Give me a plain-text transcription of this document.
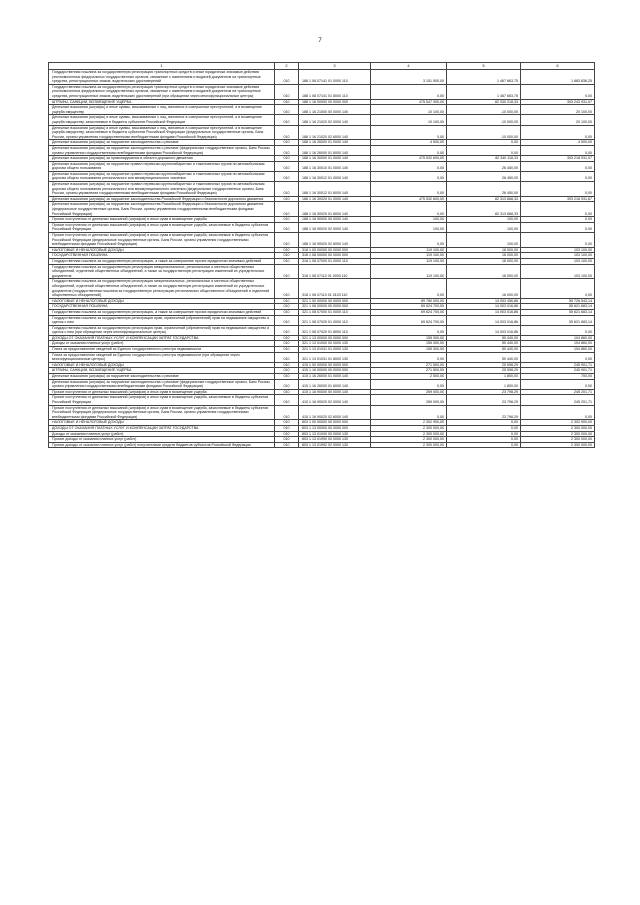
7
1	2	3	4	5	6
Государственная пошлина за государственную регистрацию транспортных средств и иные юридически значимые действия уполномоченных федеральных государственных органов, связанные с изменением и выдачей документов на транспортные средства, регистрационных знаков, водительских удостоверений	010	188 1 08 07141 01 0000 110	3 151 500,00	1 467 663,75	1 683 836,25
Государственная пошлина за государственную регистрацию транспортных средств и иные юридически значимые действия уполномоченных федеральных государственных органов, связанные с изменением и выдачей документов на транспортные средства, регистрационных знаков, водительских удостоверений (при обращении через многофункциональные центры)	010	188 1 08 07141 01 8000 110	0,00	1 467 663,75	0,00
ШТРАФЫ, САНКЦИИ, ВОЗМЕЩЕНИЕ УЩЕРБА	010	188 1 16 00000 00 0000 000	475 547 300,00	82 330 218,33	393 243 931,07
Денежные взыскания (штрафы) и иные суммы, взыскиваемые с лиц, виновных в совершении преступлений, и в возмещение ущерба имуществу	010	188 1 16 21000 00 0000 140	10 100,00	-10 000,00	20 100,00
Денежные взыскания (штрафы) и иные суммы, взыскиваемые с лиц, виновных в совершении преступлений, и в возмещение ущерба имуществу, зачисляемые в бюджеты субъектов Российской Федерации	010	188 1 16 21020 02 0000 140	10 100,00	-10 000,00	20 100,00
Денежные взыскания (штрафы) и иные суммы, взыскиваемые с лиц, виновных в совершении преступлений, и в возмещение ущерба имуществу, зачисляемые в бюджеты субъектов Российской Федерации (федеральные государственные органы, Банк России, органы управления государственными внебюджетными фондами Российской Федерации)	010	188 1 16 21020 02 6000 140	0,00	-10 000,00	0,00
Денежные взыскания (штрафы) за нарушение законодательства о рекламе	010	188 1 16 26000 01 0000 140	4 500,00	0,00	4 500,00
Денежные взыскания (штрафы) за нарушение законодательства о рекламе (федеральные государственные органы, Банк России, органы управления государственными внебюджетными фондами Российской Федерации)	010	188 1 16 26000 01 6000 140	0,00	0,00	0,00
Денежные взыскания (штрафы) за правонарушения в области дорожного движения	010	188 1 16 30000 01 0000 140	475 532 600,00	82 340 118,33	393 218 931,07
Денежные взыскания (штрафы) за нарушение правил перевозки крупногабаритных и тяжеловесных грузов по автомобильным дорогам общего пользования	010	188 1 16 30010 01 0000 140	0,00	26 450,00	0,00
Денежные взыскания (штрафы) за нарушение правил перевозки крупногабаритных и тяжеловесных грузов по автомобильным дорогам общего пользования регионального или межмуниципального значения	010	188 1 16 30012 01 0000 140	0,00	26 450,00	0,00
Денежные взыскания (штрафы) за нарушение правил перевозки крупногабаритных и тяжеловесных грузов по автомобильным дорогам общего пользования регионального или межмуниципального значения (федеральные государственные органы, Банк России, органы управления государственными внебюджетными фондами Российской Федерации)	010	188 1 16 30012 01 6000 140	0,00	26 450,00	0,00
Денежные взыскания (штрафы) за нарушение законодательства Российской Федерации о безопасности дорожного движения	010	188 1 16 30020 01 0000 140	475 532 600,00	82 313 668,33	393 218 931,67
Денежные взыскания (штрафы) за нарушение законодательства Российской Федерации о безопасности дорожного движения (федеральные государственные органы, Банк России, органы управления государственными внебюджетными фондами Российской Федерации)	010	188 1 16 30020 01 6000 140	0,00	82 313 668,33	0,00
Прочие поступления от денежных взысканий (штрафов) и иных сумм в возмещение ущерба	010	188 1 16 90000 00 0000 140	100,00	100,00	0,00
Прочие поступления от денежных взысканий (штрафов) и иных сумм в возмещение ущерба, зачисляемые в бюджеты субъектов Российской Федерации	010	188 1 16 90020 02 0000 140	100,00	100,00	0,00
Прочие поступления от денежных взысканий (штрафов) и иных сумм в возмещение ущерба, зачисляемые в бюджеты субъектов Российской Федерации (федеральные государственные органы, Банк России, органы управления государственными внебюджетными фондами Российской Федерации)	010	188 1 16 90020 02 6000 140	0,00	100,00	0,00
НАЛОГОВЫЕ И НЕНАЛОГОВЫЕ ДОХОДЫ	010	318 1 00 00000 00 0000 000	119 100,00	16 000,00	103 100,00
ГОСУДАРСТВЕННАЯ ПОШЛИНА	010	318 1 08 00000 00 0000 000	119 100,00	16 000,00	103 100,00
Государственная пошлина за государственную регистрацию, а также за совершение прочих юридически значимых действий	010	318 1 08 07000 01 0000 110	119 100,00	16 000,00	103 100,00
Государственная пошлина за государственную регистрацию межрегиональных, региональных и местных общественных объединений, отделений общественных объединений, а также за государственную регистрацию изменений их учредительных документов	010	318 1 08 07110 01 0000 110	119 100,00	16 000,00	103 100,00
Государственная пошлина за государственную регистрацию межрегиональных, региональных и местных общественных объединений, отделений общественных объединений, а также за государственную регистрацию изменений их учредительных документов (государственная пошлина за государственную регистрацию региональных общественных объединений и отделений общественных объединений)	010	318 1 08 07110 01 0103 110	0,00	16 000,00	0,00
НАЛОГОВЫЕ И НЕНАЛОГОВЫЕ ДОХОДЫ	010	321 1 00 00000 00 0000 000	89 780 000,00	14 053 456,86	55 726 543,14
ГОСУДАРСТВЕННАЯ ПОШЛИНА	010	321 1 08 00000 00 0000 000	69 624 700,00	14 003 016,86	55 621 683,14
Государственная пошлина за государственную регистрацию, а также за совершение прочих юридически значимых действий	010	321 1 08 07000 01 0000 110	69 624 700,00	14 003 016,86	55 621 683,14
Государственная пошлина за государственную регистрацию прав, ограничений (обременений) прав на недвижимое имущество и сделок с ним	010	321 1 08 07020 01 0000 110	69 624 700,00	14 003 016,86	55 621 683,14
Государственная пошлина за государственную регистрацию прав, ограничений (обременений) прав на недвижимое имущество и сделок с ним (при обращении через многофункциональные центры)	010	321 1 08 07020 01 8000 110	0,00	14 003 016,86	0,00
ДОХОДЫ ОТ ОКАЗАНИЯ ПЛАТНЫХ УСЛУГ И КОМПЕНСАЦИИ ЗАТРАТ ГОСУДАРСТВА	010	321 1 13 00000 00 0000 000	155 300,00	50 440,00	104 860,00
Доходы от оказания платных услуг (работ)	010	321 1 13 01000 00 0000 130	155 300,00	50 440,00	104 860,00
Плата за предоставление сведений из Единого государственного реестра недвижимости	010	321 1 13 01031 01 0000 130	155 300,00	50 440,00	104 860,00
Плата за предоставление сведений из Единого государственного реестра недвижимости (при обращении через многофункциональные центры)	010	321 1 13 01031 01 8000 130	0,00	50 440,00	0,00
НАЛОГОВЫЕ И НЕНАЛОГОВЫЕ ДОХОДЫ	010	415 1 00 00000 00 0000 000	271 500,00	25 598,29	245 901,71
ШТРАФЫ, САНКЦИИ, ВОЗМЕЩЕНИЕ УЩЕРБА	010	415 1 16 00000 00 0000 000	271 500,00	25 598,29	245 901,71
Денежные взыскания (штрафы) за нарушение законодательства о рекламе	010	415 1 16 26000 01 0000 140	2 500,00	1 800,00	700,00
Денежные взыскания (штрафы) за нарушение законодательства о рекламе (федеральные государственные органы, Банк России, органы управления государственными внебюджетными фондами Российской Федерации)	010	415 1 16 26000 01 6000 140	0,00	1 800,00	0,00
Прочие поступления от денежных взысканий (штрафов) и иных сумм в возмещение ущерба	010	415 1 16 90000 00 0000 140	269 000,00	23 798,29	245 201,71
Прочие поступления от денежных взысканий (штрафов) и иных сумм в возмещение ущерба, зачисляемые в бюджеты субъектов Российской Федерации	010	415 1 16 90020 02 0000 140	269 000,00	23 798,29	245 201,71
Прочие поступления от денежных взысканий (штрафов) и иных сумм в возмещение ущерба, зачисляемые в бюджеты субъектов Российской Федерации (федеральные государственные органы, Банк России, органы управления государственными внебюджетными фондами Российской Федерации)	010	415 1 16 90020 02 6000 140	0,00	23 798,29	0,00
НАЛОГОВЫЕ И НЕНАЛОГОВЫЕ ДОХОДЫ	010	803 1 00 00000 00 0000 000	2 302 900,00	0,00	2 302 900,00
ДОХОДЫ ОТ ОКАЗАНИЯ ПЛАТНЫХ УСЛУГ И КОМПЕНСАЦИИ ЗАТРАТ ГОСУДАРСТВА	010	803 1 13 00000 00 0000 000	2 300 000,00	0,00	2 300 000,00
Доходы от оказания платных услуг (работ)	010	803 1 13 01000 00 0000 130	2 300 000,00	0,00	2 300 000,00
Прочие доходы от оказания платных услуг (работ)	010	803 1 13 01990 00 0000 130	2 300 000,00	0,00	2 300 000,00
Прочие доходы от оказания платных услуг (работ) получателями средств бюджетов субъектов Российской Федерации	010	803 1 13 01992 02 0000 130	2 300 000,00	0,00	2 300 000,00
